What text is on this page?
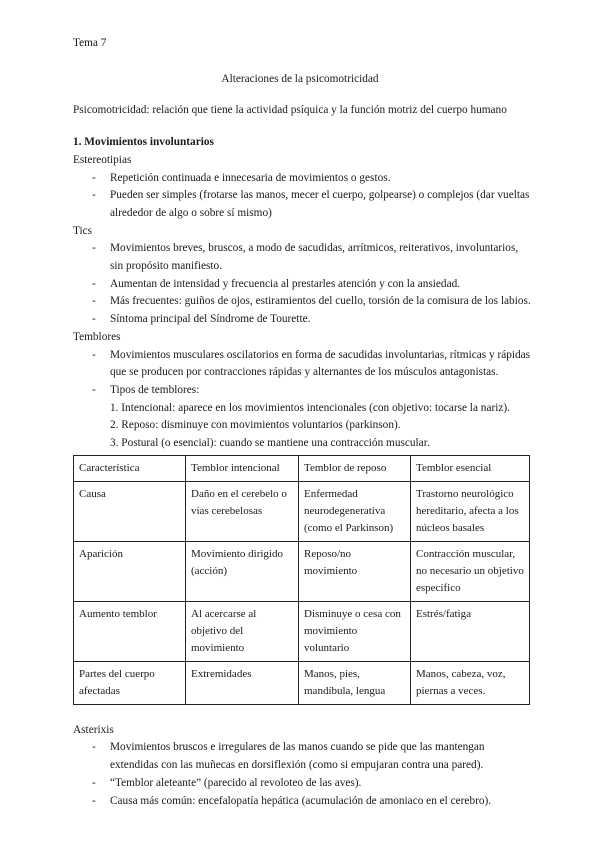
Tema 7
Alteraciones de la psicomotricidad
Psicomotricidad: relación que tiene la actividad psíquica y la función motriz del cuerpo humano
1. Movimientos involuntarios
Estereotipias
- Repetición continuada e innecesaria de movimientos o gestos.
- Pueden ser simples (frotarse las manos, mecer el cuerpo, golpearse) o complejos (dar vueltas alrededor de algo o sobre sí mismo)
Tics
- Movimientos breves, bruscos, a modo de sacudidas, arrítmicos, reiterativos, involuntarios, sin propósito manifiesto.
- Aumentan de intensidad y frecuencia al prestarles atención y con la ansiedad.
- Más frecuentes: guiños de ojos, estiramientos del cuello, torsión de la comisura de los labios.
- Síntoma principal del Síndrome de Tourette.
Temblores
- Movimientos musculares oscilatorios en forma de sacudidas involuntarias, rítmicas y rápidas que se producen por contracciones rápidas y alternantes de los músculos antagonistas.
- Tipos de temblores:
1. Intencional: aparece en los movimientos intencionales (con objetivo: tocarse la nariz).
2. Reposo: disminuye con movimientos voluntarios (parkinson).
3. Postural (o esencial): cuando se mantiene una contracción muscular.
Característica	Temblor intencional	Temblor de reposo	Temblor esencial
Causa	Daño en el cerebelo o vías cerebelosas	Enfermedad neurodegenerativa (como el Parkinson)	Trastorno neurológico hereditario, afecta a los núcleos basales
Aparición	Movimiento dirigido (acción)	Reposo/no movimiento	Contracción muscular, no necesario un objetivo específico
Aumento temblor	Al acercarse al objetivo del movimiento	Disminuye o cesa con movimiento voluntario	Estrés/fatiga
Partes del cuerpo afectadas	Extremidades	Manos, pies, mandíbula, lengua	Manos, cabeza, voz, piernas a veces.
Asterixis
- Movimientos bruscos e irregulares de las manos cuando se pide que las mantengan extendidas con las muñecas en dorsiflexión (como si empujaran contra una pared).
- “Temblor aleteante” (parecido al revoloteo de las aves).
- Causa más común: encefalopatía hepática (acumulación de amoniaco en el cerebro).
